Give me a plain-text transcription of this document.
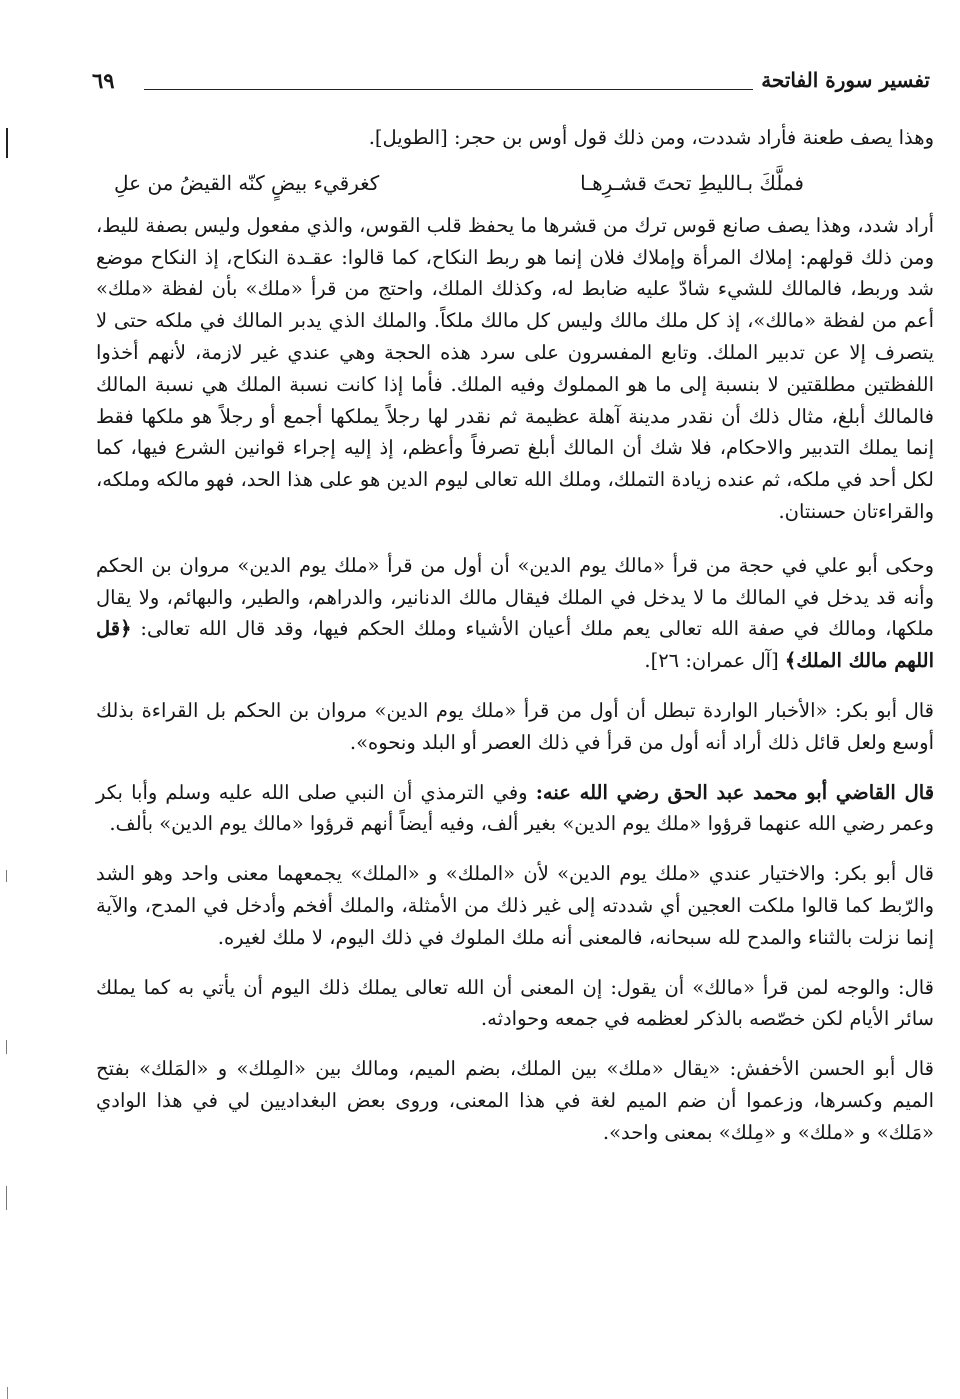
تفسير سورة الفاتحة
٦٩

وهذا يصف طعنة فأراد شددت، ومن ذلك قول أوس بن حجر: [الطويل].

فملَّكَ بـالليطِ تحتَ قشـرِهـا
كغرقيء بيضٍ كنّه القيضُ من علِ

أراد شدد، وهذا يصف صانع قوس ترك من قشرها ما يحفظ قلب القوس، والذي مفعول وليس بصفة لليط، ومن ذلك قولهم: إملاك المرأة وإملاك فلان إنما هو ربط النكاح، كما قالوا: عقـدة النكاح، إذ النكاح موضع شد وربط، فالمالك للشيء شادّ عليه ضابط له، وكذلك الملك، واحتج من قرأ «ملك» بأن لفظة «ملك» أعم من لفظة «مالك»، إذ كل ملك مالك وليس كل مالك ملكاً. والملك الذي يدبر المالك في ملكه حتى لا يتصرف إلا عن تدبير الملك. وتابع المفسرون على سرد هذه الحجة وهي عندي غير لازمة، لأنهم أخذوا اللفظتين مطلقتين لا بنسبة إلى ما هو المملوك وفيه الملك. فأما إذا كانت نسبة الملك هي نسبة المالك فالمالك أبلغ، مثال ذلك أن نقدر مدينة آهلة عظيمة ثم نقدر لها رجلاً يملكها أجمع أو رجلاً هو ملكها فقط إنما يملك التدبير والاحكام، فلا شك أن المالك أبلغ تصرفاً وأعظم، إذ إليه إجراء قوانين الشرع فيها، كما لكل أحد في ملكه، ثم عنده زيادة التملك، وملك الله تعالى ليوم الدين هو على هذا الحد، فهو مالكه وملكه، والقراءتان حسنتان.

وحكى أبو علي في حجة من قرأ «مالك يوم الدين» أن أول من قرأ «ملك يوم الدين» مروان بن الحكم وأنه قد يدخل في المالك ما لا يدخل في الملك فيقال مالك الدنانير، والدراهم، والطير، والبهائم، ولا يقال ملكها، ومالك في صفة الله تعالى يعم ملك أعيان الأشياء وملك الحكم فيها، وقد قال الله تعالى: ﴿قل اللهم مالك الملك﴾ [آل عمران: ٢٦].

قال أبو بكر: «الأخبار الواردة تبطل أن أول من قرأ «ملك يوم الدين» مروان بن الحكم بل القراءة بذلك أوسع ولعل قائل ذلك أراد أنه أول من قرأ في ذلك العصر أو البلد ونحوه».

قال القاضي أبو محمد عبد الحق رضي الله عنه: وفي الترمذي أن النبي صلى الله عليه وسلم وأبا بكر وعمر رضي الله عنهما قرؤوا «ملك يوم الدين» بغير ألف، وفيه أيضاً أنهم قرؤوا «مالك يوم الدين» بألف.

قال أبو بكر: والاختيار عندي «ملك يوم الدين» لأن «الملك» و «الملك» يجمعهما معنى واحد وهو الشد والرّبط كما قالوا ملكت العجين أي شددته إلى غير ذلك من الأمثلة، والملك أفخم وأدخل في المدح، والآية إنما نزلت بالثناء والمدح لله سبحانه، فالمعنى أنه ملك الملوك في ذلك اليوم، لا ملك لغيره.

قال: والوجه لمن قرأ «مالك» أن يقول: إن المعنى أن الله تعالى يملك ذلك اليوم أن يأتي به كما يملك سائر الأيام لكن خصّصه بالذكر لعظمه في جمعه وحوادثه.

قال أبو الحسن الأخفش: «يقال «ملك» بين الملك، بضم الميم، ومالك بين «المِلك» و «المَلك» بفتح الميم وكسرها، وزعموا أن ضم الميم لغة في هذا المعنى، وروى بعض البغداديين لي في هذا الوادي «مَلك» و «ملك» و «مِلك» بمعنى واحد».
